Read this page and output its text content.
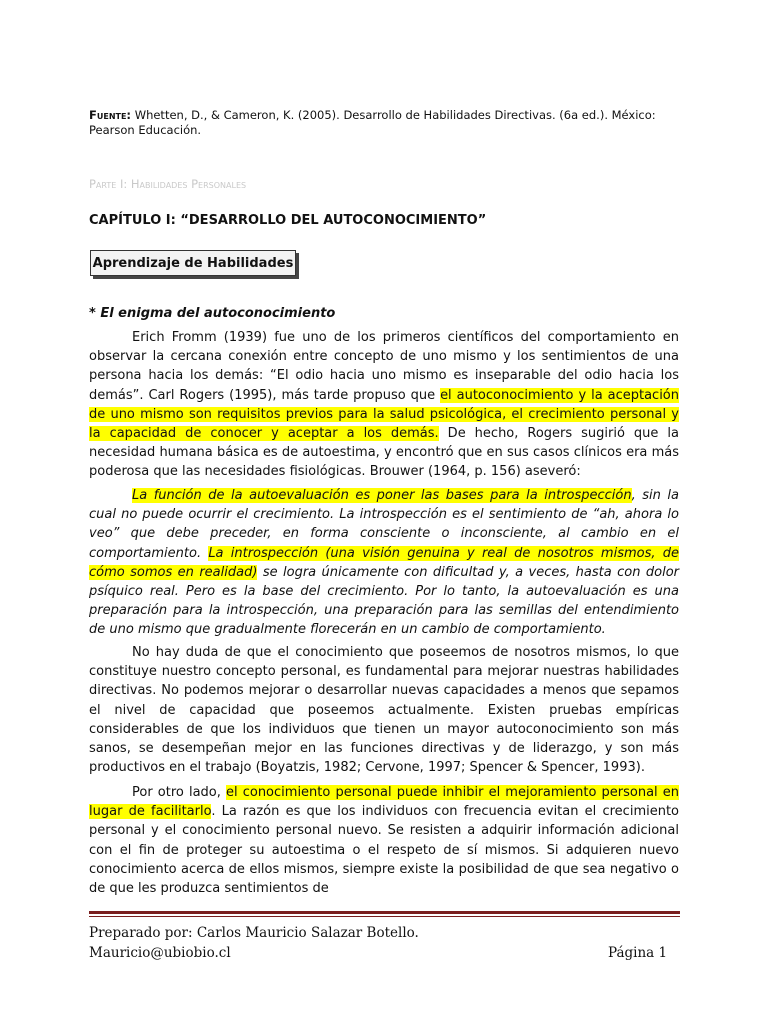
Fuente: Whetten, D., & Cameron, K. (2005). Desarrollo de Habilidades Directivas. (6a ed.). México: Pearson Educación.
Parte I: Habilidades Personales
CAPÍTULO I: “DESARROLLO DEL AUTOCONOCIMIENTO”
Aprendizaje de Habilidades
* El enigma del autoconocimiento

Erich Fromm (1939) fue uno de los primeros científicos del comportamiento en observar la cercana conexión entre concepto de uno mismo y los sentimientos de una persona hacia los demás: “El odio hacia uno mismo es inseparable del odio hacia los demás”. Carl Rogers (1995), más tarde propuso que el autoconocimiento y la aceptación de uno mismo son requisitos previos para la salud psicológica, el crecimiento personal y la capacidad de conocer y aceptar a los demás. De hecho, Rogers sugirió que la necesidad humana básica es de autoestima, y encontró que en sus casos clínicos era más poderosa que las necesidades fisiológicas. Brouwer (1964, p. 156) aseveró:

La función de la autoevaluación es poner las bases para la introspección, sin la cual no puede ocurrir el crecimiento. La introspección es el sentimiento de “ah, ahora lo veo” que debe preceder, en forma consciente o inconsciente, al cambio en el comportamiento. La introspección (una visión genuina y real de nosotros mismos, de cómo somos en realidad) se logra únicamente con dificultad y, a veces, hasta con dolor psíquico real. Pero es la base del crecimiento. Por lo tanto, la autoevaluación es una preparación para la introspección, una preparación para las semillas del entendimiento de uno mismo que gradualmente florecerán en un cambio de comportamiento.

No hay duda de que el conocimiento que poseemos de nosotros mismos, lo que constituye nuestro concepto personal, es fundamental para mejorar nuestras habilidades directivas. No podemos mejorar o desarrollar nuevas capacidades a menos que sepamos el nivel de capacidad que poseemos actualmente. Existen pruebas empíricas considerables de que los individuos que tienen un mayor autoconocimiento son más sanos, se desempeñan mejor en las funciones directivas y de liderazgo, y son más productivos en el trabajo (Boyatzis, 1982; Cervone, 1997; Spencer & Spencer, 1993).

Por otro lado, el conocimiento personal puede inhibir el mejoramiento personal en lugar de facilitarlo. La razón es que los individuos con frecuencia evitan el crecimiento personal y el conocimiento personal nuevo. Se resisten a adquirir información adicional con el fin de proteger su autoestima o el respeto de sí mismos. Si adquieren nuevo conocimiento acerca de ellos mismos, siempre existe la posibilidad de que sea negativo o de que les produzca sentimientos de

Preparado por: Carlos Mauricio Salazar Botello.
Mauricio@ubiobio.cl	Página 1
